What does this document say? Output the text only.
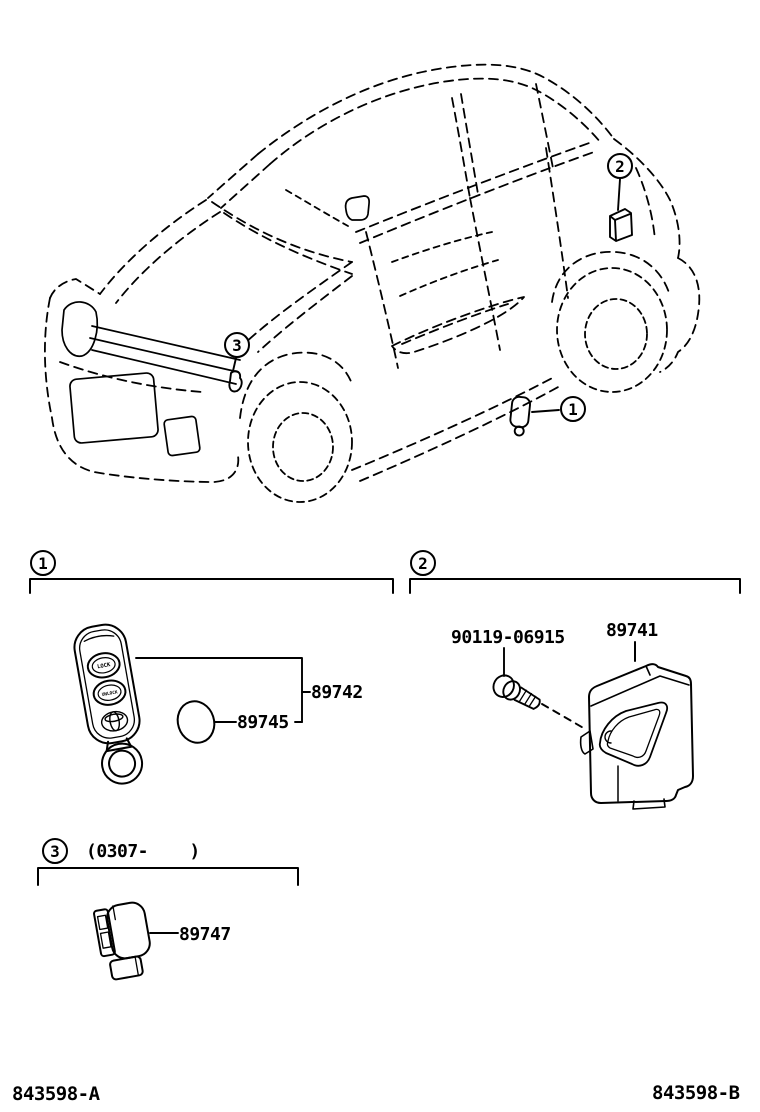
LOCK
UNLOCK
1
2
3
1	2
3
89742
89745
90119-06915 89741
(0307-    )
89747
843598-A	843598-B
